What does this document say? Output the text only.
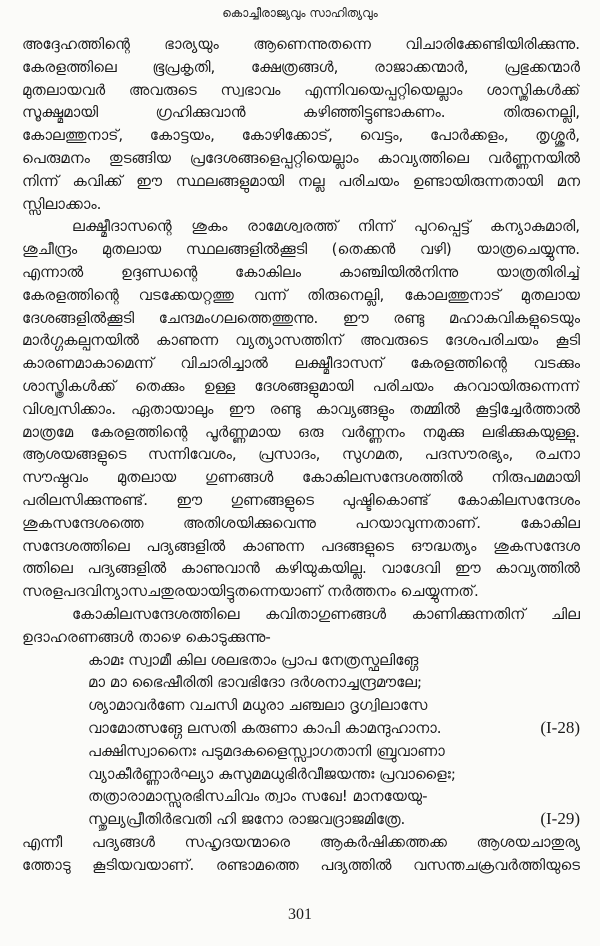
കൊച്ചീരാജ്യവും സാഹിത്യവും
അദ്ദേഹത്തിന്റെ ഭാര്യയും ആണെന്നുതന്നെ വിചാരിക്കേണ്ടിയിരിക്കുന്നു.
കേരളത്തിലെ ഭൂപ്രകൃതി, ക്ഷേത്രങ്ങൾ, രാജാക്കന്മാർ, പ്രഭുക്കന്മാർ
മുതലായവർ അവരുടെ സ്വഭാവം എന്നിവയെപ്പറ്റിയെല്ലാം ശാസ്ത്രികൾക്ക്
സൂക്ഷ്മമായി ഗ്രഹിക്കുവാൻ കഴിഞ്ഞിട്ടുണ്ടാകണം. തിരുനെല്ലി,
കോലത്തുനാട്, കോട്ടയം, കോഴിക്കോട്, വെട്ടം, പോർക്കളം, തൃശ്ശൂർ,
പെരുമനം തുടങ്ങിയ പ്രദേശങ്ങളെപ്പറ്റിയെല്ലാം കാവ്യത്തിലെ വർണ്ണനയിൽ
നിന്ന് കവിക്ക് ഈ സ്ഥലങ്ങളുമായി നല്ല പരിചയം ഉണ്ടായിരുന്നതായി മന
സ്സിലാക്കാം.
ലക്ഷ്മീദാസന്റെ ശുകം രാമേശ്വരത്ത് നിന്ന് പുറപ്പെട്ട് കന്യാകുമാരി,
ശുചീന്ദ്രം മുതലായ സ്ഥലങ്ങളിൽക്കൂടി (തെക്കൻ വഴി) യാത്രചെയ്യുന്നു.
എന്നാൽ ഉദ്ദണ്ഡന്റെ കോകിലം കാഞ്ചിയിൽനിന്നു യാത്രതിരിച്ച്
കേരളത്തിന്റെ വടക്കേയറ്റത്തു വന്ന് തിരുനെല്ലി, കോലത്തുനാട് മുതലായ
ദേശങ്ങളിൽക്കൂടി ചേന്ദമംഗലത്തെത്തുന്നു. ഈ രണ്ടു മഹാകവികളുടെയും
മാർഗ്ഗകല്പനയിൽ കാണുന്ന വ്യത്യാസത്തിന് അവരുടെ ദേശപരിചയം കൂടി
കാരണമാകാമെന്ന് വിചാരിച്ചാൽ ലക്ഷ്മീദാസന് കേരളത്തിന്റെ വടക്കും
ശാസ്ത്രികൾക്ക് തെക്കും ഉള്ള ദേശങ്ങളുമായി പരിചയം കുറവായിരുന്നെന്ന്
വിശ്വസിക്കാം. ഏതായാലും ഈ രണ്ടു കാവ്യങ്ങളും തമ്മിൽ കൂട്ടിച്ചേർത്താൽ
മാത്രമേ കേരളത്തിന്റെ പൂർണ്ണമായ ഒരു വർണ്ണനം നമുക്കു ലഭിക്കുകയുള്ളു.
ആശയങ്ങളുടെ സന്നിവേശം, പ്രസാദം, സുഗമത, പദസൗരഭ്യം, രചനാ
സൗഷ്ഠവം മുതലായ ഗുണങ്ങൾ കോകിലസന്ദേശത്തിൽ നിരുപമമായി
പരിലസിക്കുന്നുണ്ട്. ഈ ഗുണങ്ങളുടെ പുഷ്ടികൊണ്ട് കോകിലസന്ദേശം
ശുകസന്ദേശത്തെ അതിശയിക്കുവെന്നു പറയാവുന്നതാണ്. കോകില
സന്ദേശത്തിലെ പദ്യങ്ങളിൽ കാണുന്ന പദങ്ങളുടെ ഔദ്ധത്യം ശുകസന്ദേശ
ത്തിലെ പദ്യങ്ങളിൽ കാണുവാൻ കഴിയുകയില്ല. വാഗ്ദേവി ഈ കാവ്യത്തിൽ
സരളപദവിന്യാസചതുരയായിട്ടുതന്നെയാണ് നർത്തനം ചെയ്യുന്നത്.
കോകിലസന്ദേശത്തിലെ കവിതാഗുണങ്ങൾ കാണിക്കുന്നതിന് ചില
ഉദാഹരണങ്ങൾ താഴെ കൊടുക്കുന്നു-
കാമഃ സ്വാമീ കില ശലഭതാം പ്രാപ നേത്രസ്ഫുലിങ്ഗേ
മാ മാ ഭൈഷീരിതി ഭാവഭിദോ ദർശനാച്ചന്ദ്രമൗലേ;
ശ്യാമാവർണേ വചസി മധുരാ ചഞ്ചലാ ദൃഗ്വിലാസേ
വാമോത്സങ്ഗേ ലസതി കരുണാ കാപി കാമന്ദുഹാനാ.	(I-28)
പക്ഷിസ്വാനൈഃ പടുമദകളൈസ്സ്വാഗതാനി ബ്രുവാണാ
വ്യാകീർണ്ണാർഘ്യാ കുസുമമധുഭിർവീജയന്തഃ പ്രവാളൈഃ;
തത്രാരാമാസ്സുരഭിസചിവം ത്വാം സഖേ! മാനയേയു-
സ്തുല്യപ്രീതിർഭവതി ഹി ജനോ രാജവദ്രാജമിത്രേ.	(I-29)
എന്നീ പദ്യങ്ങൾ സഹൃദയന്മാരെ ആകർഷിക്കത്തക്ക ആശയചാതുര്യ
ത്തോടു കൂടിയവയാണ്. രണ്ടാമത്തെ പദ്യത്തിൽ വസന്തചക്രവർത്തിയുടെ
301
